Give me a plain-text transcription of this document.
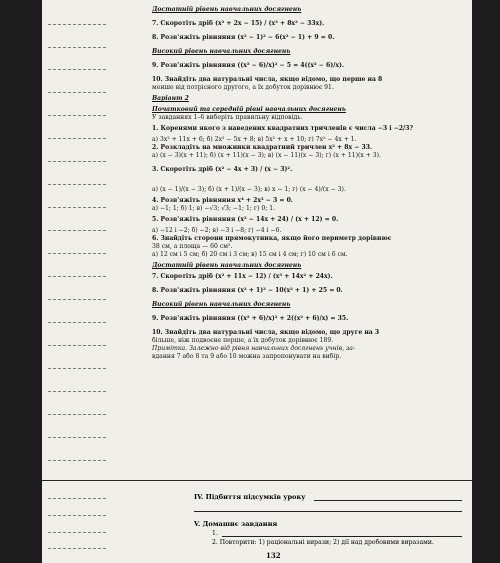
Достатній рівень навчальних досягнень
7. Скоротіть дріб (x² + 2x − 15) / (x³ + 8x² − 33x).
8. Розв'яжіть рівняння (x² − 1)² − 6(x² − 1) + 9 = 0.
Високий рівень навчальних досягнень
9. Розв'яжіть рівняння ((x² − 6)/x)² − 5 = 4((x² − 6)/x).
10. Знайдіть два натуральні числа, якщо відомо, що перше на 8
менше від потрісного другого, а їх добуток дорівнює 91.
Варіант 2
Початковий та середній рівні навчальних досягнень
У завданнях 1–6 виберіть правильну відповідь.
1. Коренями якого з наведених квадратних тричленів є числа −3 і −2/3?
а) 3x² + 11x + 6; б) 2x² − 5x + 8; в) 5x² + x + 10; г) 7x² − 4x + 1.
2. Розкладіть на множники квадратний тричлен x² + 8x − 33.
а) (x − 3)(x + 11); б) (x + 11)(x − 3); в) (x − 11)(x − 3); г) (x + 11)(x + 3).
3. Скоротіть дріб (x² − 4x + 3) / (x − 3)².
а) (x − 1)/(x − 3); б) (x + 1)/(x − 3); в) x − 1; г) (x − 4)/(x − 3).
4. Розв'яжіть рівняння x⁴ + 2x² − 3 = 0.
а) −1; 1; б) 1; в) −√3; √3; −1; 1; г) 0; 1.
5. Розв'яжіть рівняння (x² − 14x + 24) / (x + 12) = 0.
а) −12 і −2; б) −2; в) −3 і −8; г) −4 і −6.
6. Знайдіть сторони прямокутника, якщо його периметр дорівнює
38 см, а площа — 60 см².
а) 12 см і 5 см; б) 20 см і 3 см; в) 15 см і 4 см; г) 10 см і 6 см.
Достатній рівень навчальних досягнень
7. Скоротіть дріб (x² + 11x − 12) / (x³ + 14x² + 24x).
8. Розв'яжіть рівняння (x² + 1)² − 10(x² + 1) + 25 = 0.
Високий рівень навчальних досягнень
9. Розв'яжіть рівняння ((x² + 6)/x)² + 2((x² + 6)/x) = 35.
10. Знайдіть два натуральні числа, якщо відомо, що друге на 3
більше, ніж подвоєне перше, а їх добуток дорівнює 189.
Примітка. Залежно від рівня навчальних досягнень учнів, за-
вдання 7 або 8 та 9 або 10 можна запропонувати на вибір.
IV. Підбиття підсумків уроку
V. Домашнє завдання
1.
2. Повторити: 1) раціональні вирази; 2) дії над дробовими виразами.
132
